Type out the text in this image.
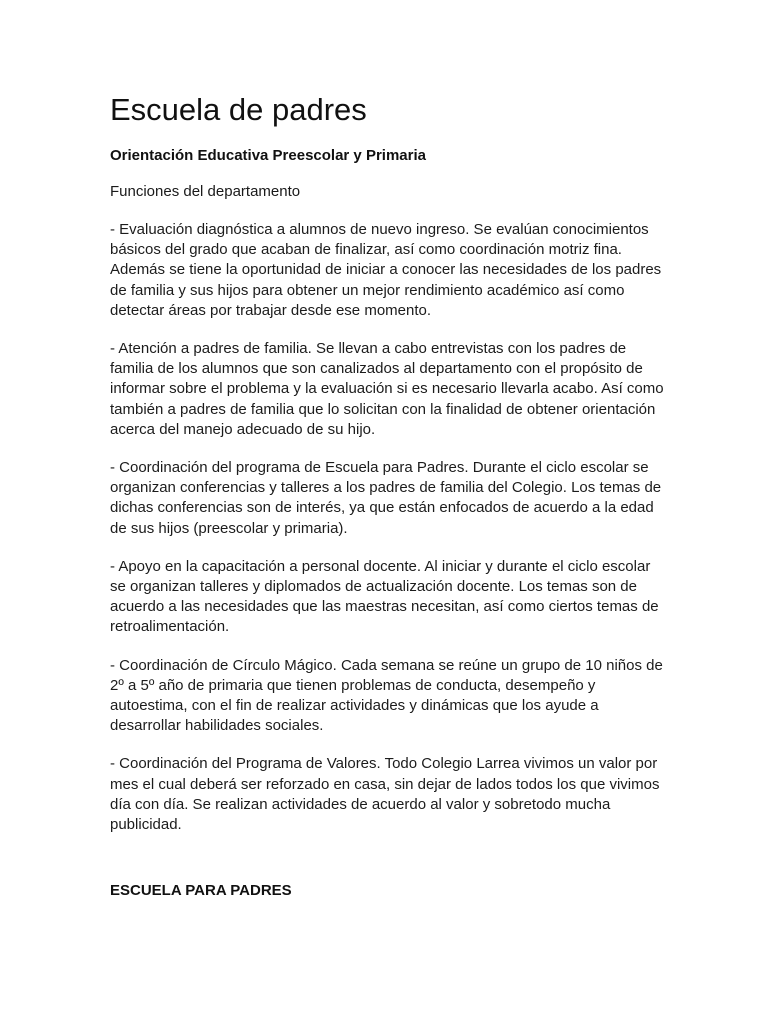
Escuela de padres
Orientación Educativa Preescolar y Primaria
Funciones del departamento

- Evaluación diagnóstica a alumnos de nuevo ingreso. Se evalúan conocimientos básicos del grado que acaban de finalizar, así como coordinación motriz fina. Además se tiene la oportunidad de iniciar a conocer las necesidades de los padres de familia y sus hijos para obtener un mejor rendimiento académico así como detectar áreas por trabajar desde ese momento.

- Atención a padres de familia. Se llevan a cabo entrevistas con los padres de familia de los alumnos que son canalizados al departamento con el propósito de informar sobre el problema y la evaluación si es necesario llevarla acabo. Así como también a padres de familia que lo solicitan con la finalidad de obtener orientación acerca del manejo adecuado de su hijo.

- Coordinación del programa de Escuela para Padres. Durante el ciclo escolar se organizan conferencias y talleres a los padres de familia del Colegio. Los temas de dichas conferencias son de interés, ya que están enfocados de acuerdo a la edad de sus hijos (preescolar y primaria).

- Apoyo en la capacitación a personal docente. Al iniciar y durante el ciclo escolar se organizan talleres y diplomados de actualización docente. Los temas son de acuerdo a las necesidades que las maestras necesitan, así como ciertos temas de retroalimentación.

- Coordinación de Círculo Mágico. Cada semana se reúne un grupo de 10 niños de 2º a 5º año de primaria que tienen problemas de conducta, desempeño y autoestima, con el fin de realizar actividades y dinámicas que los ayude a desarrollar habilidades sociales.

- Coordinación del Programa de Valores. Todo Colegio Larrea vivimos un valor por mes el cual deberá ser reforzado en casa, sin dejar de lados todos los que vivimos día con día. Se realizan actividades de acuerdo al valor y sobretodo mucha publicidad.

ESCUELA PARA PADRES
